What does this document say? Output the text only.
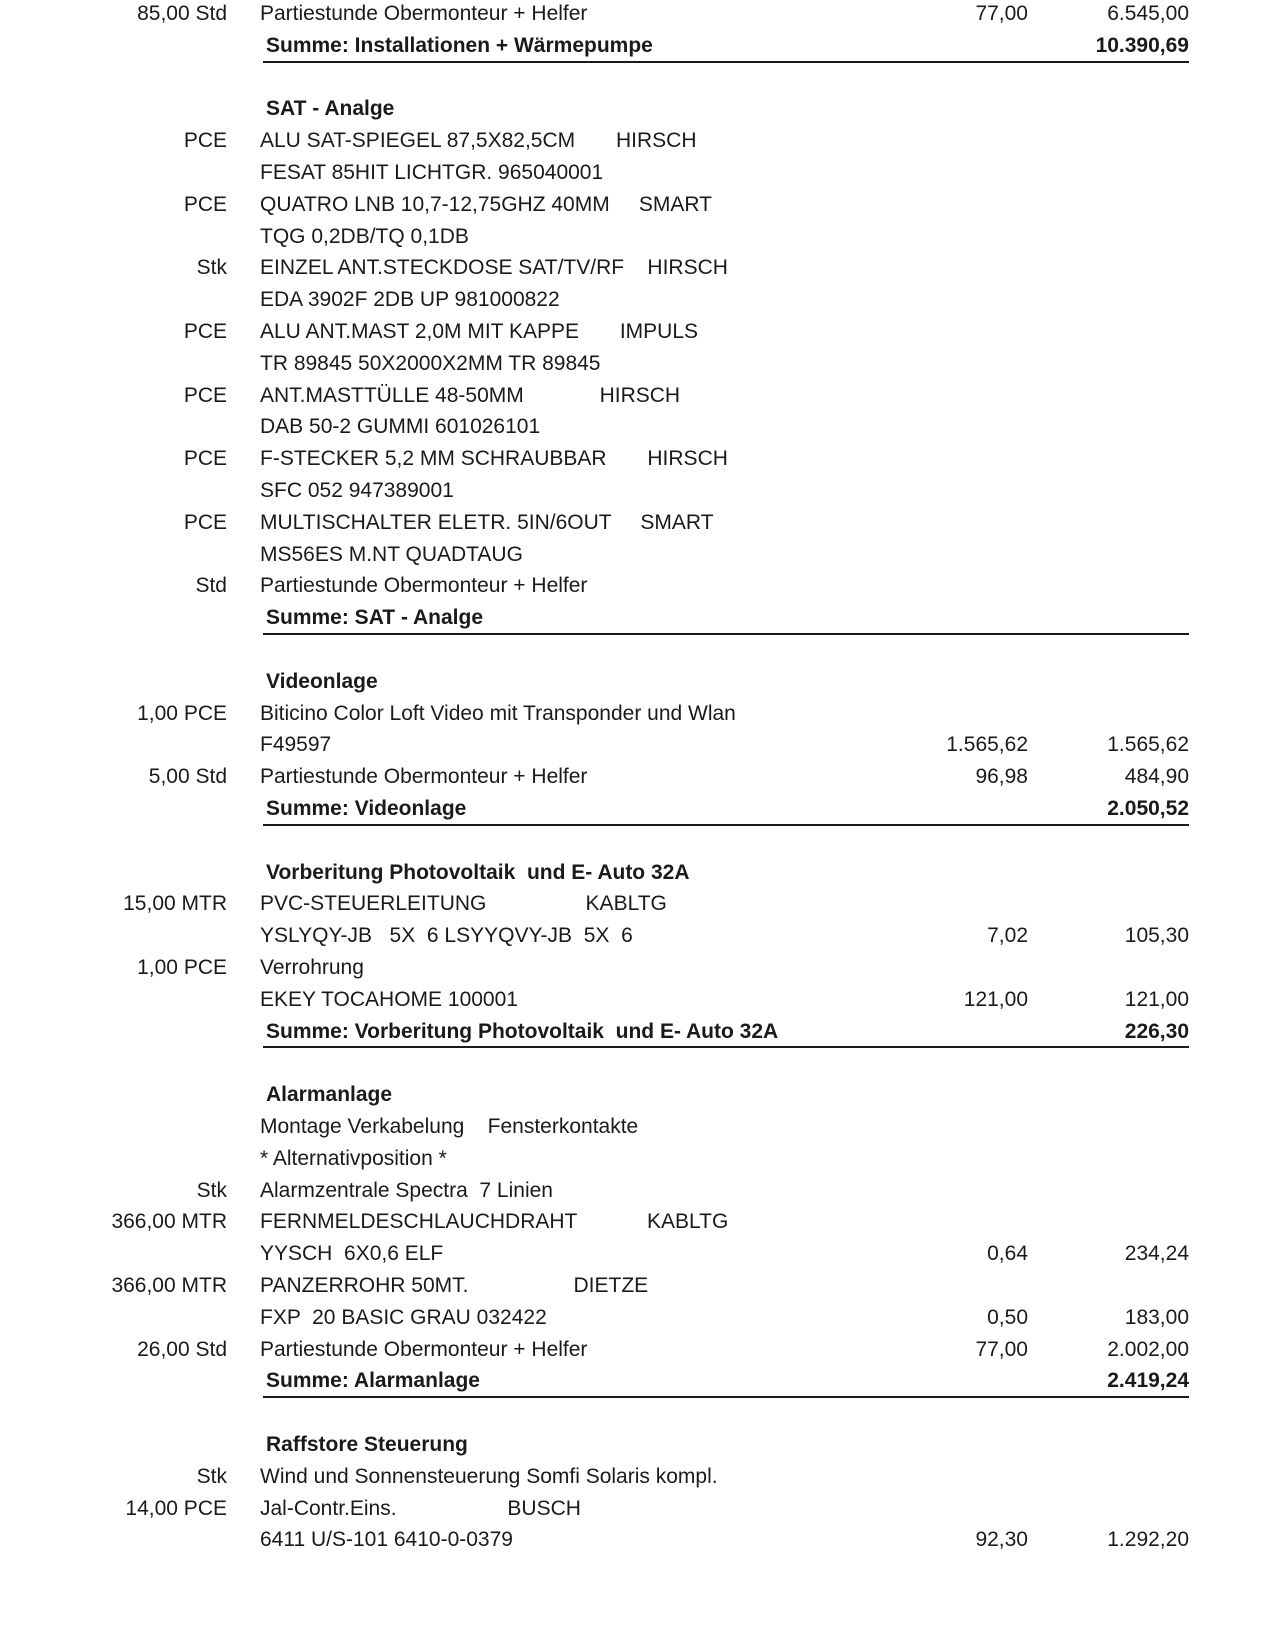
85,00 Std Partiestunde Obermonteur + Helfer	77,00	6.545,00
Summe: Installationen + Wärmepumpe	10.390,69
SAT - Analge
PCE ALU SAT-SPIEGEL 87,5X82,5CM       HIRSCH
FESAT 85HIT LICHTGR. 965040001
PCE QUATRO LNB 10,7-12,75GHZ 40MM     SMART
TQG 0,2DB/TQ 0,1DB
Stk EINZEL ANT.STECKDOSE SAT/TV/RF    HIRSCH
EDA 3902F 2DB UP 981000822
PCE ALU ANT.MAST 2,0M MIT KAPPE       IMPULS
TR 89845 50X2000X2MM TR 89845
PCE ANT.MASTTÜLLE 48-50MM             HIRSCH
DAB 50-2 GUMMI 601026101
PCE F-STECKER 5,2 MM SCHRAUBBAR       HIRSCH
SFC 052 947389001
PCE MULTISCHALTER ELETR. 5IN/6OUT     SMART
MS56ES M.NT QUADTAUG
Std Partiestunde Obermonteur + Helfer
Summe: SAT - Analge
Videonlage
1,00 PCE Biticino Color Loft Video mit Transponder und Wlan
F49597	1.565,62	1.565,62
5,00 Std Partiestunde Obermonteur + Helfer	96,98	484,90
Summe: Videonlage	2.050,52
Vorberitung Photovoltaik  und E- Auto 32A
15,00 MTR PVC-STEUERLEITUNG                 KABLTG
YSLYQY-JB   5X  6 LSYYQVY-JB  5X  6	7,02	105,30
1,00 PCE Verrohrung
EKEY TOCAHOME 100001	121,00	121,00
Summe: Vorberitung Photovoltaik  und E- Auto 32A	226,30
Alarmanlage
Montage Verkabelung    Fensterkontakte
* Alternativposition *
Stk Alarmzentrale Spectra  7 Linien
366,00 MTR FERNMELDESCHLAUCHDRAHT            KABLTG
YYSCH  6X0,6 ELF	0,64	234,24
366,00 MTR PANZERROHR 50MT.                  DIETZE
FXP  20 BASIC GRAU 032422	0,50	183,00
26,00 Std Partiestunde Obermonteur + Helfer	77,00	2.002,00
Summe: Alarmanlage	2.419,24
Raffstore Steuerung
Stk Wind und Sonnensteuerung Somfi Solaris kompl.
14,00 PCE Jal-Contr.Eins.                   BUSCH
6411 U/S-101 6410-0-0379	92,30	1.292,20
